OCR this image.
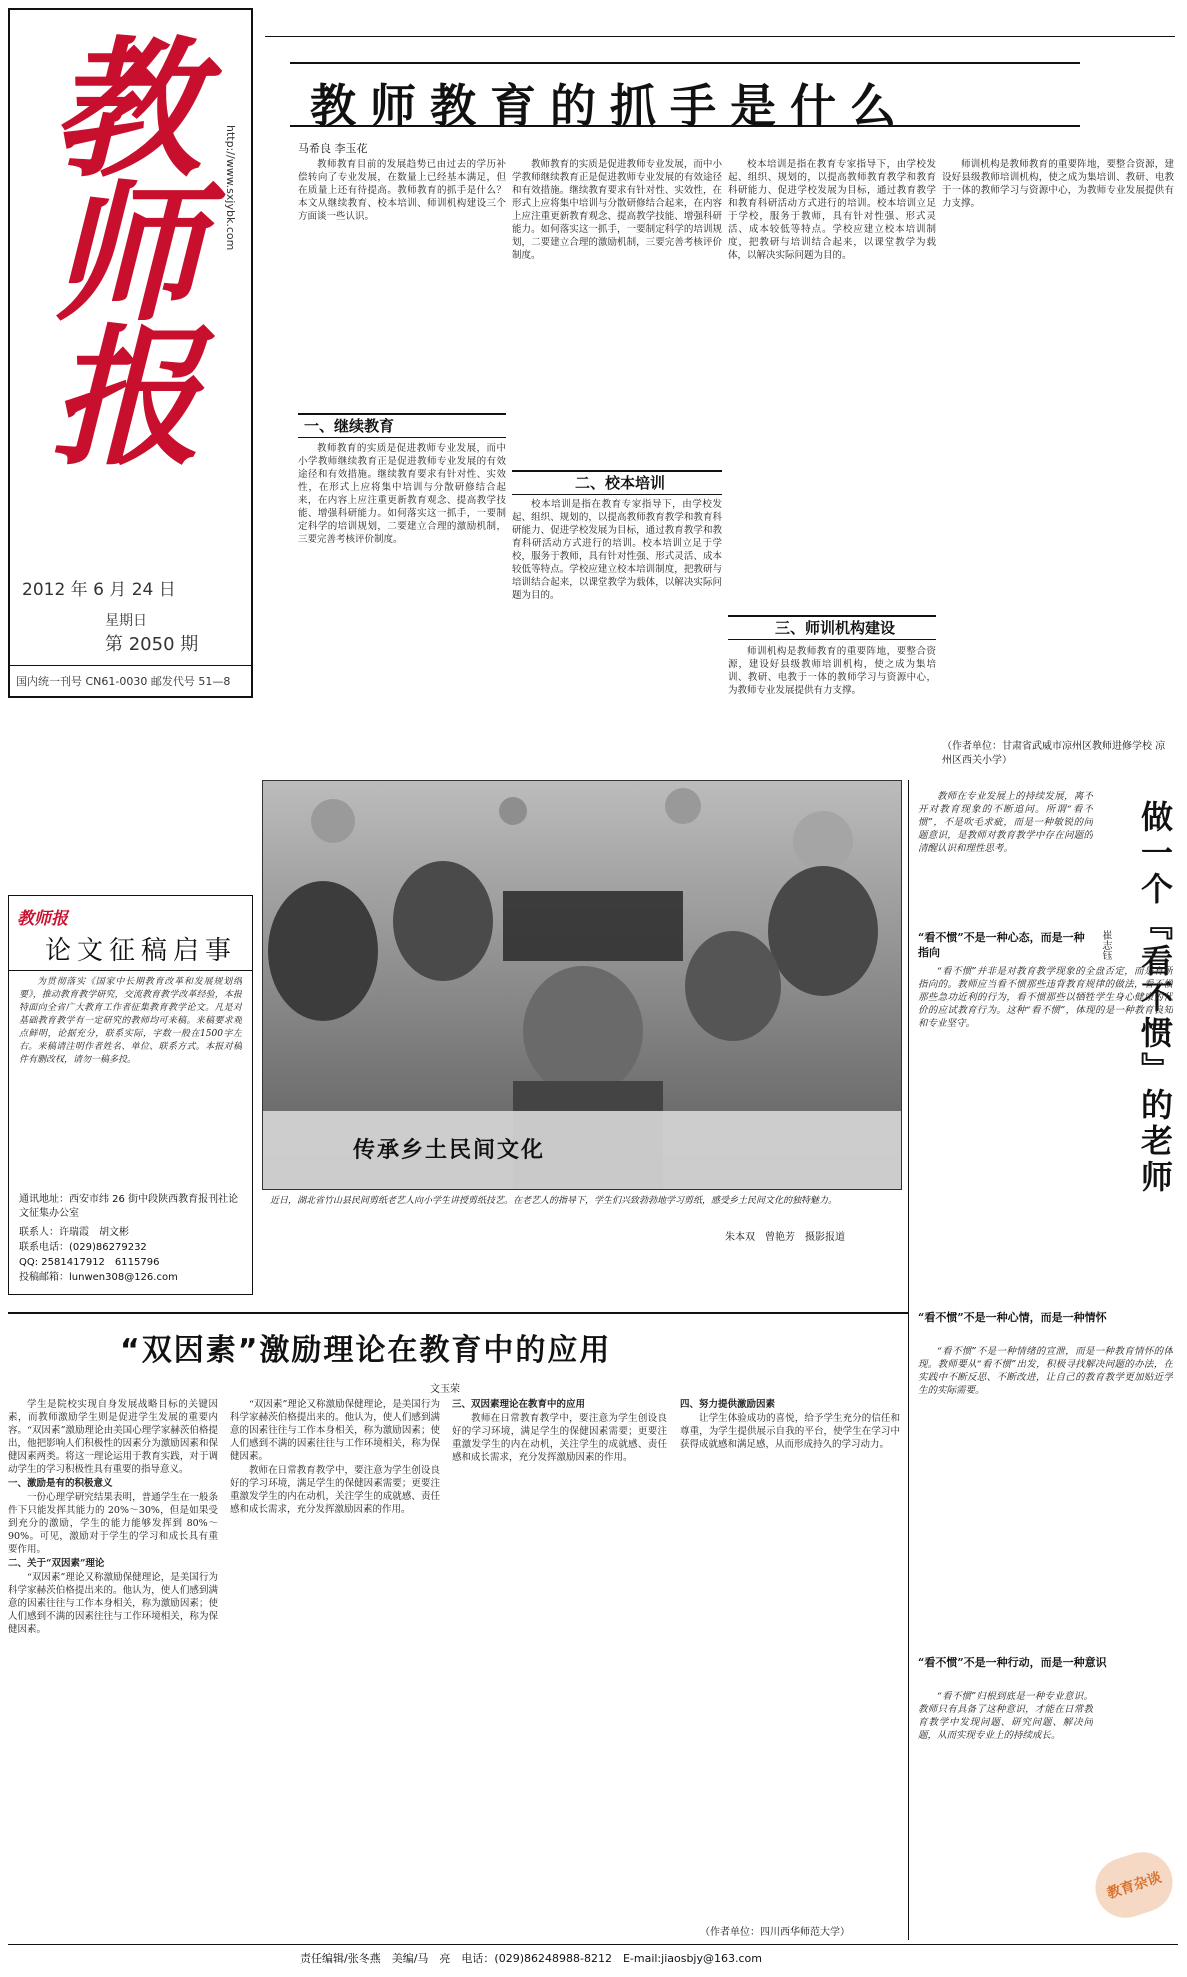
教师报	http://www.sxjybk.com
2012 年 6 月 24 日
星期日
第 2050 期
国内统一刊号 CN61-0030 邮发代号 51—8
教师教育的抓手是什么
马希良 李玉花

教师教育目前的发展趋势已由过去的学历补偿转向了专业发展，在数量上已经基本满足，但在质量上还有待提高。教师教育的抓手是什么？本文从继续教育、校本培训、师训机构建设三个方面谈一些认识。

一、继续教育

教师教育的实质是促进教师专业发展，而中小学教师继续教育正是促进教师专业发展的有效途径和有效措施。继续教育要求有针对性、实效性，在形式上应将集中培训与分散研修结合起来，在内容上应注重更新教育观念、提高教学技能、增强科研能力。如何落实这一抓手，一要制定科学的培训规划，二要建立合理的激励机制，三要完善考核评价制度。

教师教育的实质是促进教师专业发展，而中小学教师继续教育正是促进教师专业发展的有效途径和有效措施。继续教育要求有针对性、实效性，在形式上应将集中培训与分散研修结合起来，在内容上应注重更新教育观念、提高教学技能、增强科研能力。如何落实这一抓手，一要制定科学的培训规划，二要建立合理的激励机制，三要完善考核评价制度。

二、校本培训

校本培训是指在教育专家指导下，由学校发起、组织、规划的，以提高教师教育教学和教育科研能力、促进学校发展为目标，通过教育教学和教育科研活动方式进行的培训。校本培训立足于学校，服务于教师，具有针对性强、形式灵活、成本较低等特点。学校应建立校本培训制度，把教研与培训结合起来，以课堂教学为载体，以解决实际问题为目的。

校本培训是指在教育专家指导下，由学校发起、组织、规划的，以提高教师教育教学和教育科研能力、促进学校发展为目标，通过教育教学和教育科研活动方式进行的培训。校本培训立足于学校，服务于教师，具有针对性强、形式灵活、成本较低等特点。学校应建立校本培训制度，把教研与培训结合起来，以课堂教学为载体，以解决实际问题为目的。

三、师训机构建设

师训机构是教师教育的重要阵地，要整合资源，建设好县级教师培训机构，使之成为集培训、教研、电教于一体的教师学习与资源中心，为教师专业发展提供有力支撑。

师训机构是教师教育的重要阵地，要整合资源，建设好县级教师培训机构，使之成为集培训、教研、电教于一体的教师学习与资源中心，为教师专业发展提供有力支撑。

（作者单位：甘肃省武威市凉州区教师进修学校 凉州区西关小学）
教师报
论文征稿启事

为贯彻落实《国家中长期教育改革和发展规划纲要》，推动教育教学研究，交流教育教学改革经验，本报特面向全省广大教育工作者征集教育教学论文。凡是对基础教育教学有一定研究的教师均可来稿。来稿要求观点鲜明，论据充分，联系实际，字数一般在1500字左右。来稿请注明作者姓名、单位、联系方式。本报对稿件有删改权，请勿一稿多投。

通讯地址：西安市纬 26 街中段陕西教育报刊社论文征集办公室
联系人：许瑞霞　胡文彬
联系电话：(029)86279232
QQ: 2581417912　6115796
投稿邮箱：lunwen308@126.com
传承乡土民间文化
近日，湖北省竹山县民间剪纸老艺人向小学生讲授剪纸技艺。在老艺人的指导下，学生们兴致勃勃地学习剪纸，感受乡土民间文化的独特魅力。
朱本双　曾艳芳　摄影报道
做一个『看不惯』的老师
崔志钰

教师在专业发展上的持续发展，离不开对教育现象的不断追问。所谓“看不惯”，不是吹毛求疵，而是一种敏锐的问题意识，是教师对教育教学中存在问题的清醒认识和理性思考。

“看不惯”不是一种心态，而是一种指向

“看不惯”并非是对教育教学现象的全盘否定，而是有所指向的。教师应当看不惯那些违背教育规律的做法，看不惯那些急功近利的行为，看不惯那些以牺牲学生身心健康为代价的应试教育行为。这种“看不惯”，体现的是一种教育良知和专业坚守。

“看不惯”不是一种心情，而是一种情怀

“看不惯”不是一种情绪的宣泄，而是一种教育情怀的体现。教师要从“看不惯”出发，积极寻找解决问题的办法，在实践中不断反思、不断改进，让自己的教育教学更加贴近学生的实际需要。

“看不惯”不是一种行动，而是一种意识

“看不惯”归根到底是一种专业意识。教师只有具备了这种意识，才能在日常教育教学中发现问题、研究问题、解决问题，从而实现专业上的持续成长。

教育杂谈
“双因素”激励理论在教育中的应用
文玉荣

学生是院校实现自身发展战略目标的关键因素，而教师激励学生则是促进学生发展的重要内容。“双因素”激励理论由美国心理学家赫茨伯格提出，他把影响人们积极性的因素分为激励因素和保健因素两类。将这一理论运用于教育实践，对于调动学生的学习积极性具有重要的指导意义。

一、激励是有的积极意义

一份心理学研究结果表明，普通学生在一般条件下只能发挥其能力的 20%～30%，但是如果受到充分的激励，学生的能力能够发挥到 80%～90%。可见，激励对于学生的学习和成长具有重要作用。

二、关于“双因素”理论

“双因素”理论又称激励保健理论，是美国行为科学家赫茨伯格提出来的。他认为，使人们感到满意的因素往往与工作本身相关，称为激励因素；使人们感到不满的因素往往与工作环境相关，称为保健因素。

“双因素”理论又称激励保健理论，是美国行为科学家赫茨伯格提出来的。他认为，使人们感到满意的因素往往与工作本身相关，称为激励因素；使人们感到不满的因素往往与工作环境相关，称为保健因素。

教师在日常教育教学中，要注意为学生创设良好的学习环境，满足学生的保健因素需要；更要注重激发学生的内在动机，关注学生的成就感、责任感和成长需求，充分发挥激励因素的作用。

三、双因素理论在教育中的应用

教师在日常教育教学中，要注意为学生创设良好的学习环境，满足学生的保健因素需要；更要注重激发学生的内在动机，关注学生的成就感、责任感和成长需求，充分发挥激励因素的作用。

四、努力提供激励因素

让学生体验成功的喜悦，给予学生充分的信任和尊重，为学生提供展示自我的平台，使学生在学习中获得成就感和满足感，从而形成持久的学习动力。

（作者单位：四川西华师范大学）
责任编辑/张冬燕　美编/马　亮　电话：(029)86248988-8212　E-mail:jiaosbjy@163.com
